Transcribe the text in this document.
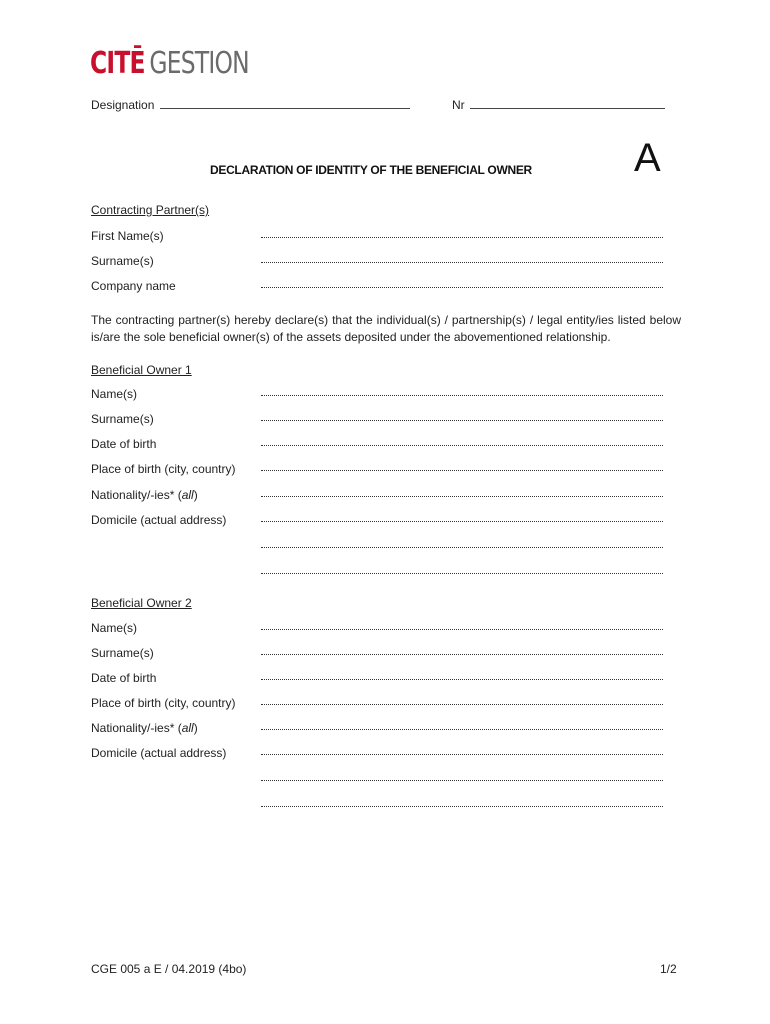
CITĒ GESTION
Designation	Nr
DECLARATION OF IDENTITY OF THE BENEFICIAL OWNER	A
Contracting Partner(s)
First Name(s)
Surname(s)
Company name
The contracting partner(s) hereby declare(s) that the individual(s) / partnership(s) / legal entity/ies listed below is/are the sole beneficial owner(s) of the assets deposited under the abovementioned relationship.
Beneficial Owner 1
Name(s)
Surname(s)
Date of birth
Place of birth (city, country)
Nationality/-ies* (all)
Domicile (actual address)
Beneficial Owner 2
Name(s)
Surname(s)
Date of birth
Place of birth (city, country)
Nationality/-ies* (all)
Domicile (actual address)
CGE 005 a E / 04.2019 (4bo)	1/2
